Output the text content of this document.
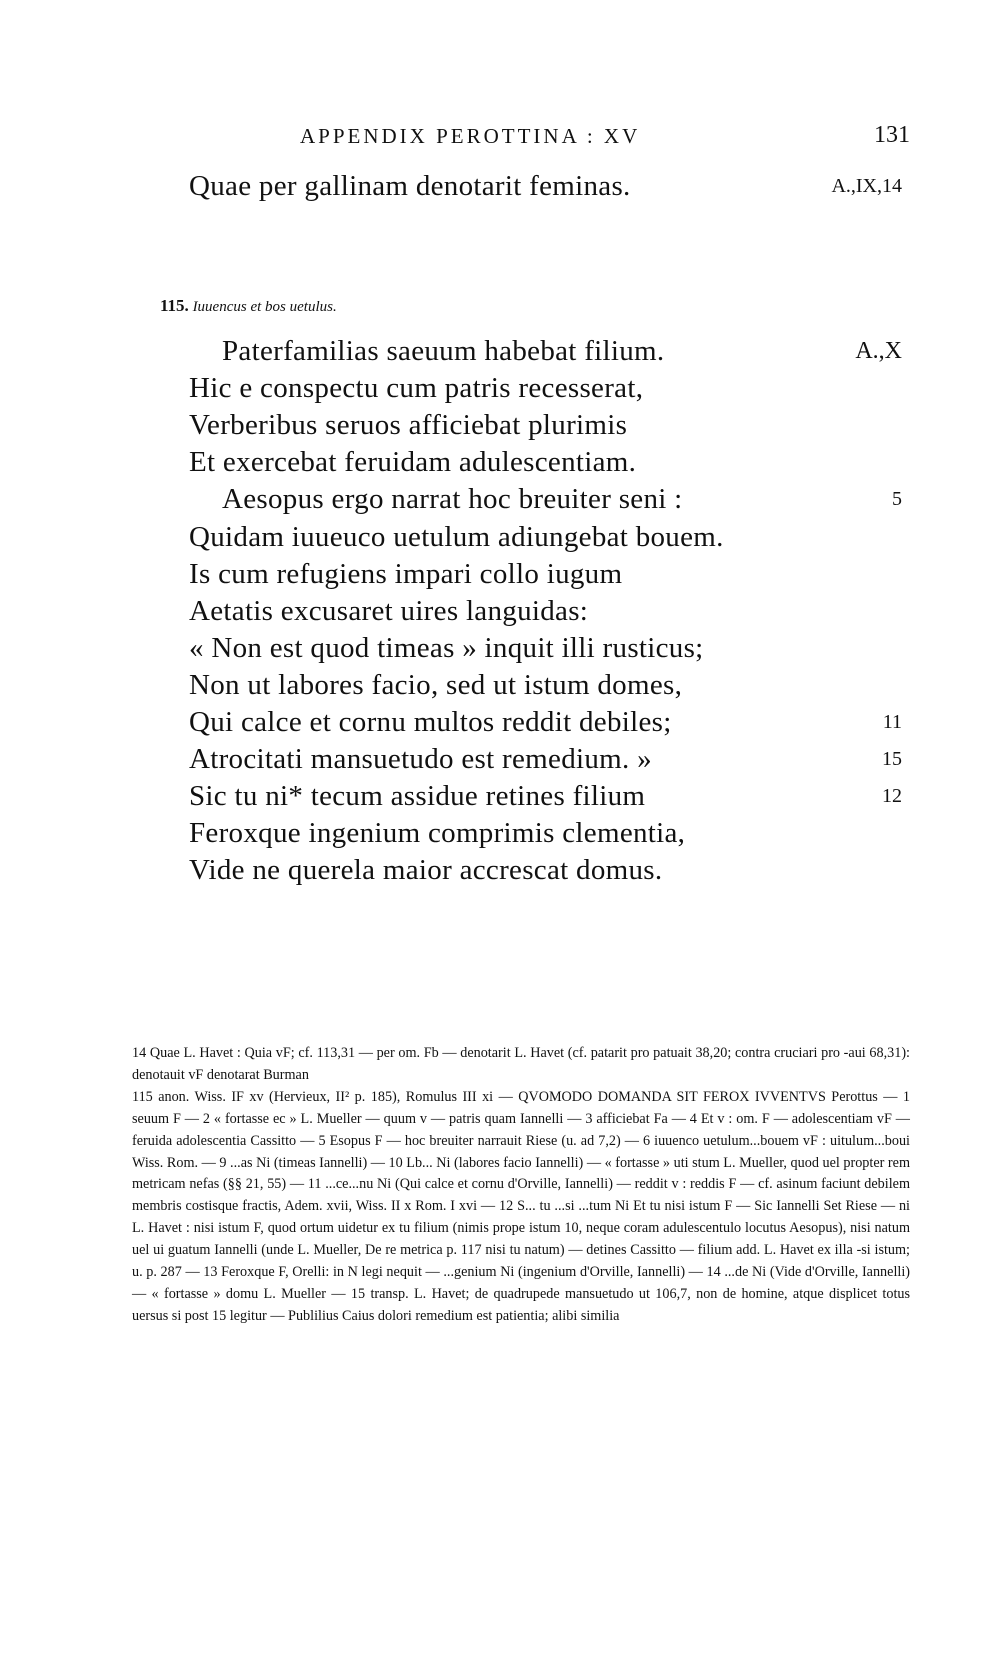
APPENDIX PEROTTINA : XV	131
Quae per gallinam denotarit feminas.	A.,IX,14
115. Iuuencus et bos uetulus.
Paterfamilias saeuum habebat filium.	A.,X
Hic e conspectu cum patris recesserat,
Verberibus seruos afficiebat plurimis
Et exercebat feruidam adulescentiam.
Aesopus ergo narrat hoc breuiter seni :	5
Quidam iuueuco uetulum adiungebat bouem.
Is cum refugiens impari collo iugum
Aetatis excusaret uires languidas:
« Non est quod timeas » inquit illi rusticus;
Non ut labores facio, sed ut istum domes,
Qui calce et cornu multos reddit debiles;	11
Atrocitati mansuetudo est remedium. »	15
Sic tu ni* tecum assidue retines filium	12
Feroxque ingenium comprimis clementia,
Vide ne querela maior accrescat domus.

14 Quae L. Havet : Quia vF; cf. 113,31 — per om. Fb — denotarit L. Havet (cf. patarit pro patuait 38,20; contra cruciari pro -aui 68,31): denotauit vF denotarat Burman

115 anon. Wiss. IF xv (Hervieux, II² p. 185), Romulus III xi — QVOMODO DOMANDA SIT FEROX IVVENTVS Perottus — 1 seuum F — 2 « fortasse ec » L. Mueller — quum v — patris quam Iannelli — 3 afficiebat Fa — 4 Et v : om. F — adolescentiam vF — feruida adolescentia Cassitto — 5 Esopus F — hoc breuiter narrauit Riese (u. ad 7,2) — 6 iuuenco uetulum...bouem vF : uitulum...boui Wiss. Rom. — 9 ...as Ni (timeas Iannelli) — 10 Lb... Ni (labores facio Iannelli) — « fortasse » uti stum L. Mueller, quod uel propter rem metricam nefas (§§ 21, 55) — 11 ...ce...nu Ni (Qui calce et cornu d'Orville, Iannelli) — reddit v : reddis F — cf. asinum faciunt debilem membris costisque fractis, Adem. xvii, Wiss. II x Rom. I xvi — 12 S... tu ...si ...tum Ni Et tu nisi istum F — Sic Iannelli Set Riese — ni L. Havet : nisi istum F, quod ortum uidetur ex tu filium (nimis prope istum 10, neque coram adulescentulo locutus Aesopus), nisi natum uel ui guatum Iannelli (unde L. Mueller, De re metrica p. 117 nisi tu natum) — detines Cassitto — filium add. L. Havet ex illa -si istum; u. p. 287 — 13 Feroxque F, Orelli: in N legi nequit — ...genium Ni (ingenium d'Orville, Iannelli) — 14 ...de Ni (Vide d'Orville, Iannelli) — « fortasse » domu L. Mueller — 15 transp. L. Havet; de quadrupede mansuetudo ut 106,7, non de homine, atque displicet totus uersus si post 15 legitur — Publilius Caius dolori remedium est patientia; alibi similia
